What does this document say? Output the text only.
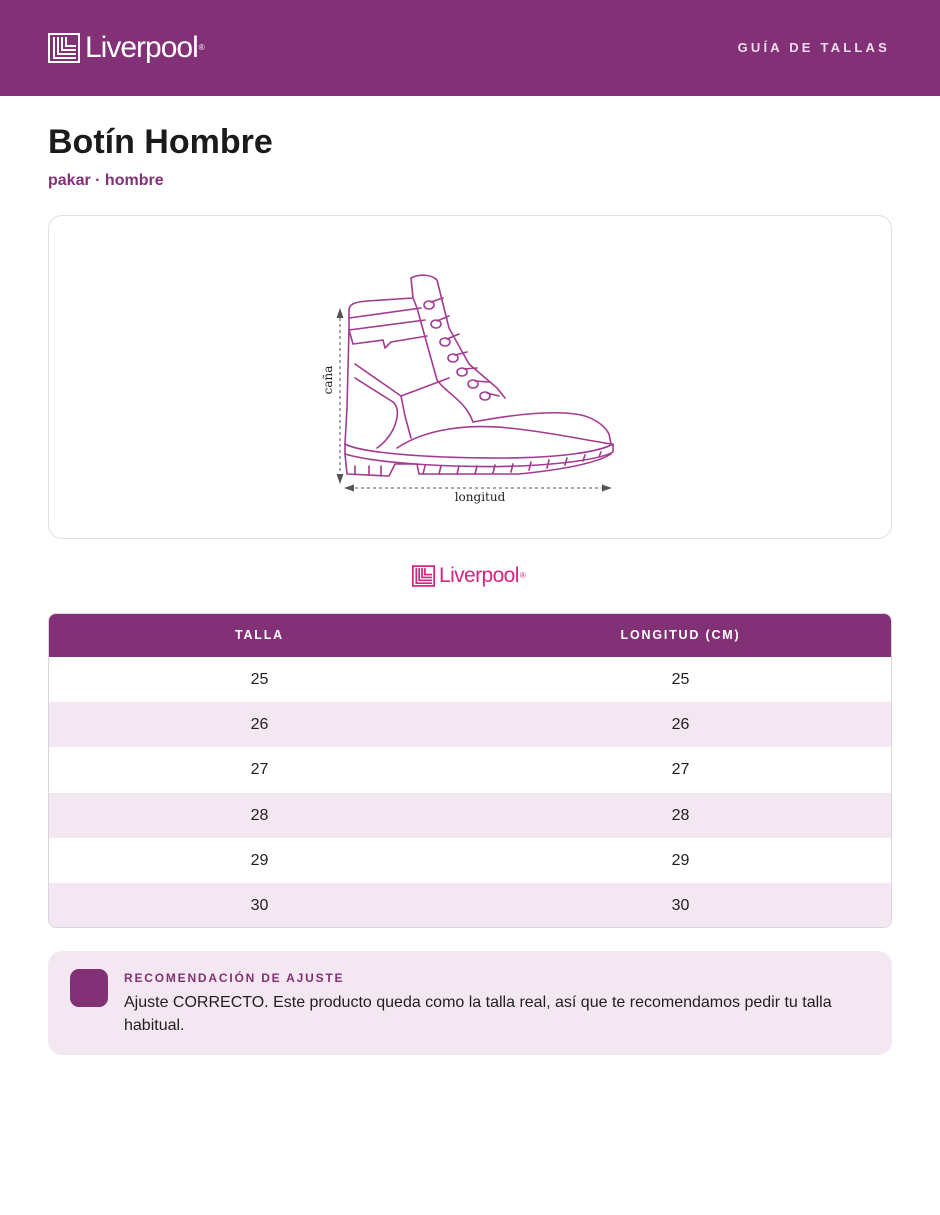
Liverpool®	GUÍA DE TALLAS
Botín Hombre
pakar · hombre
caña
longitud
Liverpool®
TALLA	LONGITUD (CM)
25	25
26	26
27	27
28	28
29	29
30	30
RECOMENDACIÓN DE AJUSTE
Ajuste CORRECTO. Este producto queda como la talla real, así que te recomendamos pedir tu talla habitual.
